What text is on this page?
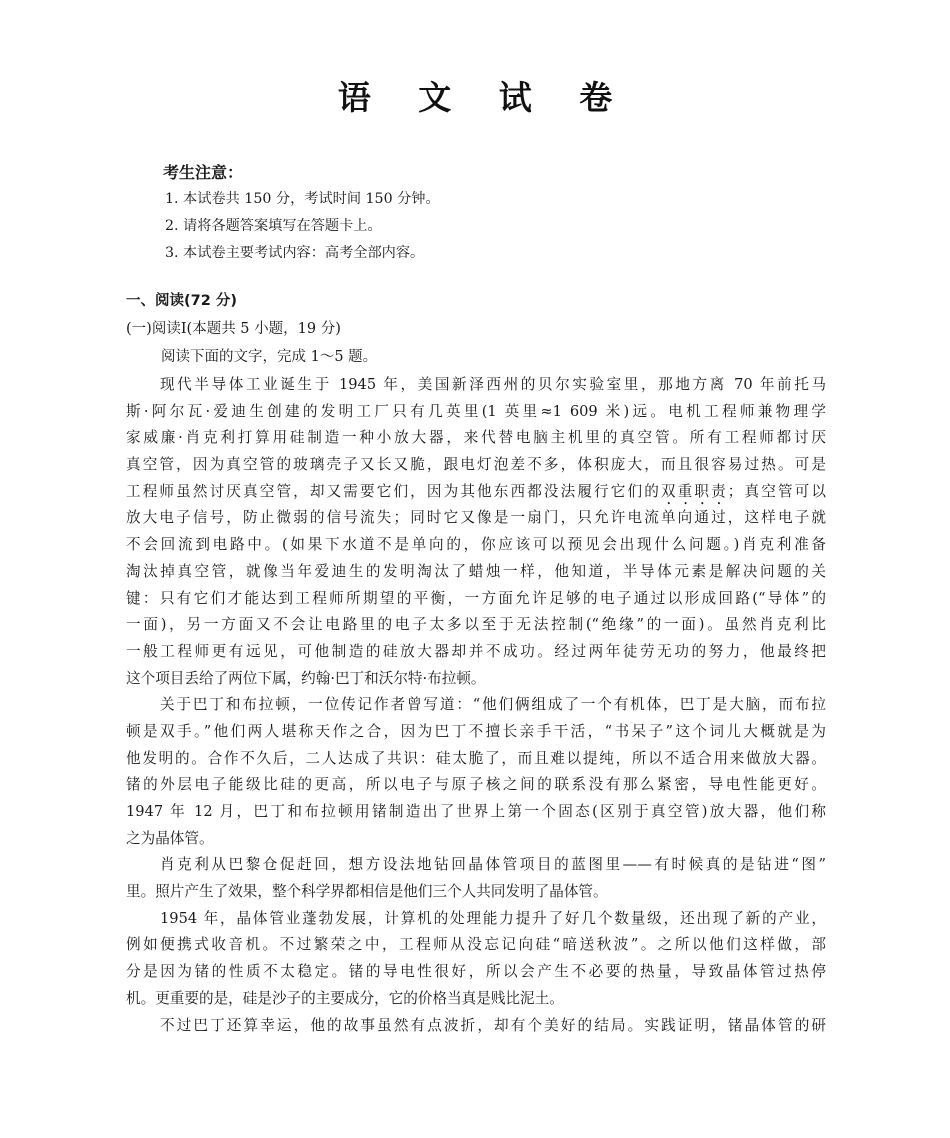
语 文 试 卷
考生注意：
1. 本试卷共 150 分，考试时间 150 分钟。
2. 请将各题答案填写在答题卡上。
3. 本试卷主要考试内容：高考全部内容。
一、阅读(72 分)
(一)阅读Ⅰ(本题共 5 小题，19 分)
阅读下面的文字，完成 1～5 题。
现代半导体工业诞生于 1945 年，美国新泽西州的贝尔实验室里，那地方离 70 年前托马
斯·阿尔瓦·爱迪生创建的发明工厂只有几英里(1 英里≈1 609 米)远。电机工程师兼物理学
家威廉·肖克利打算用硅制造一种小放大器，来代替电脑主机里的真空管。所有工程师都讨厌
真空管，因为真空管的玻璃壳子又长又脆，跟电灯泡差不多，体积庞大，而且很容易过热。可是
工程师虽然讨厌真空管，却又需要它们，因为其他东西都没法履行它们的双重职责；真空管可以
放大电子信号，防止微弱的信号流失；同时它又像是一扇门，只允许电流单向通过，这样电子就
不会回流到电路中。(如果下水道不是单向的，你应该可以预见会出现什么问题。)肖克利准备
淘汰掉真空管，就像当年爱迪生的发明淘汰了蜡烛一样，他知道，半导体元素是解决问题的关
键：只有它们才能达到工程师所期望的平衡，一方面允许足够的电子通过以形成回路(“导体”的
一面)，另一方面又不会让电路里的电子太多以至于无法控制(“绝缘”的一面)。虽然肖克利比
一般工程师更有远见，可他制造的硅放大器却并不成功。经过两年徒劳无功的努力，他最终把
这个项目丢给了两位下属，约翰·巴丁和沃尔特·布拉顿。
关于巴丁和布拉顿，一位传记作者曾写道：“他们俩组成了一个有机体，巴丁是大脑，而布拉
顿是双手。”他们两人堪称天作之合，因为巴丁不擅长亲手干活，“书呆子”这个词儿大概就是为
他发明的。合作不久后，二人达成了共识：硅太脆了，而且难以提纯，所以不适合用来做放大器。
锗的外层电子能级比硅的更高，所以电子与原子核之间的联系没有那么紧密，导电性能更好。
1947 年 12 月，巴丁和布拉顿用锗制造出了世界上第一个固态(区别于真空管)放大器，他们称
之为晶体管。
肖克利从巴黎仓促赶回，想方设法地钻回晶体管项目的蓝图里——有时候真的是钻进“图”
里。照片产生了效果，整个科学界都相信是他们三个人共同发明了晶体管。
1954 年，晶体管业蓬勃发展，计算机的处理能力提升了好几个数量级，还出现了新的产业，
例如便携式收音机。不过繁荣之中，工程师从没忘记向硅“暗送秋波”。之所以他们这样做，部
分是因为锗的性质不太稳定。锗的导电性很好，所以会产生不必要的热量，导致晶体管过热停
机。更重要的是，硅是沙子的主要成分，它的价格当真是贱比泥土。
不过巴丁还算幸运，他的故事虽然有点波折，却有个美好的结局。实践证明，锗晶体管的研
